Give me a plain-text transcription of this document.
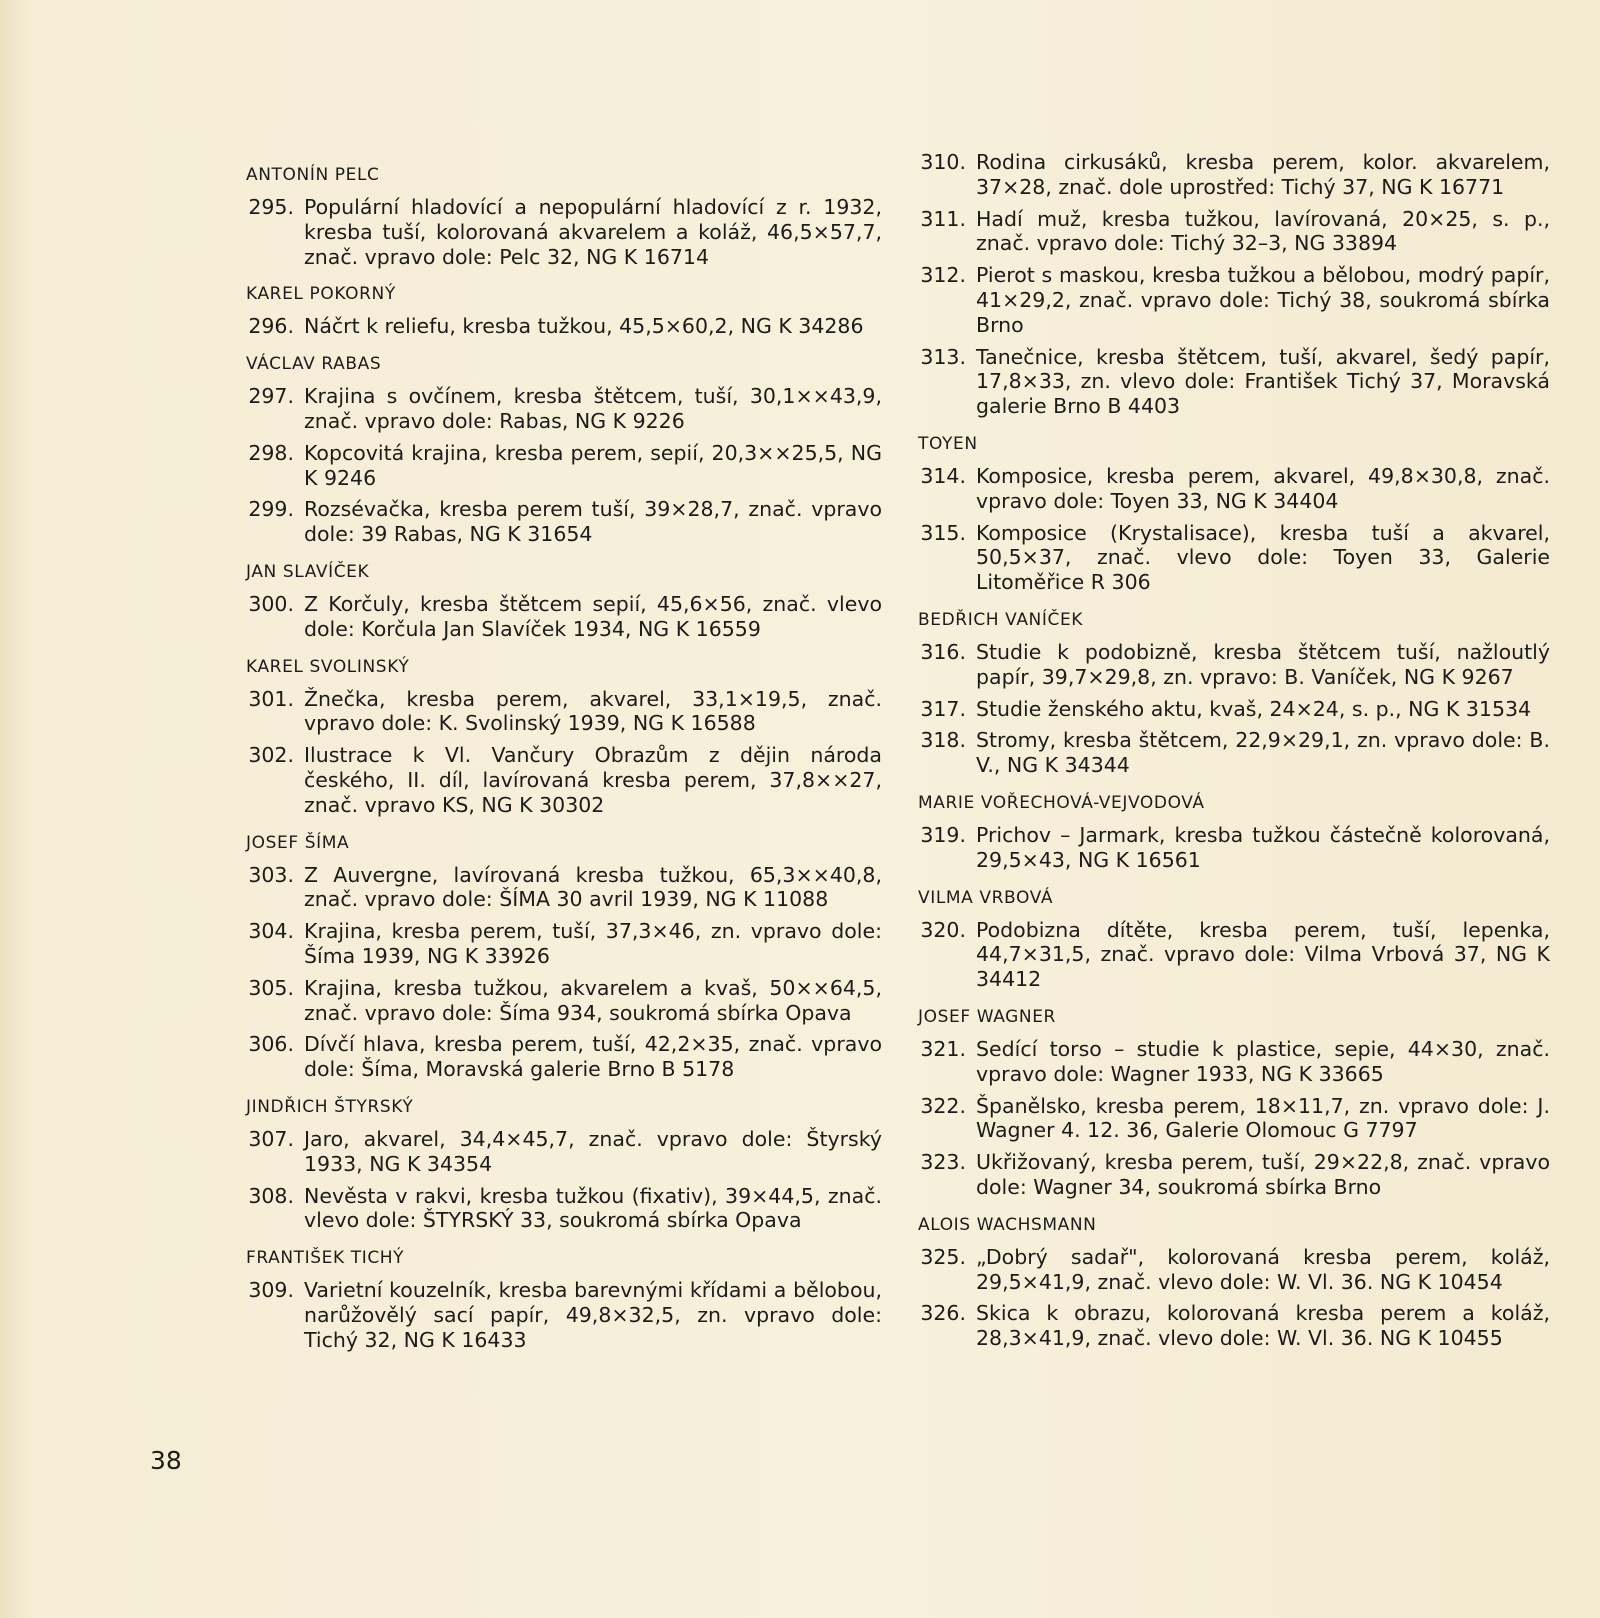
ANTONÍN PELC
295 . Populární hladovící a nepopulární hladovící z r. 1932, kresba tuší, kolorovaná akvarelem a koláž, 46,5×57,7, znač. vpravo dole: Pelc 32, NG K 16714
KAREL POKORNÝ
296 . Náčrt k reliefu, kresba tužkou, 45,5×60,2, NG K 34286
VÁCLAV RABAS
297 . Krajina s ovčínem, kresba štětcem, tuší, 30,1××43,9, znač. vpravo dole: Rabas, NG K 9226
298 . Kopcovitá krajina, kresba perem, sepií, 20,3××25,5, NG K 9246
299 . Rozsévačka, kresba perem tuší, 39×28,7, znač. vpravo dole: 39 Rabas, NG K 31654
JAN SLAVÍČEK
300 . Z Korčuly, kresba štětcem sepií, 45,6×56, znač. vlevo dole: Korčula Jan Slavíček 1934, NG K 16559
KAREL SVOLINSKÝ
301 . Žnečka, kresba perem, akvarel, 33,1×19,5, znač. vpravo dole: K. Svolinský 1939, NG K 16588
302 . Ilustrace k Vl. Vančury Obrazům z dějin národa českého, II. díl, lavírovaná kresba perem, 37,8××27, znač. vpravo KS, NG K 30302
JOSEF ŠÍMA
303 . Z Auvergne, lavírovaná kresba tužkou, 65,3××40,8, znač. vpravo dole: ŠÍMA 30 avril 1939, NG K 11088
304 . Krajina, kresba perem, tuší, 37,3×46, zn. vpravo dole: Šíma 1939, NG K 33926
305 . Krajina, kresba tužkou, akvarelem a kvaš, 50××64,5, znač. vpravo dole: Šíma 934, soukromá sbírka Opava
306 . Dívčí hlava, kresba perem, tuší, 42,2×35, znač. vpravo dole: Šíma, Moravská galerie Brno B 5178
JINDŘICH ŠTYRSKÝ
307 . Jaro, akvarel, 34,4×45,7, znač. vpravo dole: Štyrský 1933, NG K 34354
308 . Nevěsta v rakvi, kresba tužkou (fixativ), 39×44,5, znač. vlevo dole: ŠTYRSKÝ 33, soukromá sbírka Opava
FRANTIŠEK TICHÝ
309 . Varietní kouzelník, kresba barevnými křídami a bělobou, narůžovělý sací papír, 49,8×32,5, zn. vpravo dole: Tichý 32, NG K 16433
310 . Rodina cirkusáků, kresba perem, kolor. akvarelem, 37×28, znač. dole uprostřed: Tichý 37, NG K 16771
311 . Hadí muž, kresba tužkou, lavírovaná, 20×25, s. p., znač. vpravo dole: Tichý 32–3, NG 33894
312 . Pierot s maskou, kresba tužkou a bělobou, modrý papír, 41×29,2, znač. vpravo dole: Tichý 38, soukromá sbírka Brno
313 . Tanečnice, kresba štětcem, tuší, akvarel, šedý papír, 17,8×33, zn. vlevo dole: František Tichý 37, Moravská galerie Brno B 4403
TOYEN
314 . Komposice, kresba perem, akvarel, 49,8×30,8, znač. vpravo dole: Toyen 33, NG K 34404
315 . Komposice (Krystalisace), kresba tuší a akvarel, 50,5×37, znač. vlevo dole: Toyen 33, Galerie Litoměřice R 306
BEDŘICH VANÍČEK
316 . Studie k podobizně, kresba štětcem tuší, nažloutlý papír, 39,7×29,8, zn. vpravo: B. Vaníček, NG K 9267
317 . Studie ženského aktu, kvaš, 24×24, s. p., NG K 31534
318 . Stromy, kresba štětcem, 22,9×29,1, zn. vpravo dole: B. V., NG K 34344
MARIE VOŘECHOVÁ-VEJVODOVÁ
319 . Prichov – Jarmark, kresba tužkou částečně kolorovaná, 29,5×43, NG K 16561
VILMA VRBOVÁ
320 . Podobizna dítěte, kresba perem, tuší, lepenka, 44,7×31,5, znač. vpravo dole: Vilma Vrbová 37, NG K 34412
JOSEF WAGNER
321 . Sedící torso – studie k plastice, sepie, 44×30, znač. vpravo dole: Wagner 1933, NG K 33665
322 . Španělsko, kresba perem, 18×11,7, zn. vpravo dole: J. Wagner 4. 12. 36, Galerie Olomouc G 7797
323 . Ukřižovaný, kresba perem, tuší, 29×22,8, znač. vpravo dole: Wagner 34, soukromá sbírka Brno
ALOIS WACHSMANN
325 . „Dobrý sadař", kolorovaná kresba perem, koláž, 29,5×41,9, znač. vlevo dole: W. Vl. 36. NG K 10454
326 . Skica k obrazu, kolorovaná kresba perem a koláž, 28,3×41,9, znač. vlevo dole: W. Vl. 36. NG K 10455
38
